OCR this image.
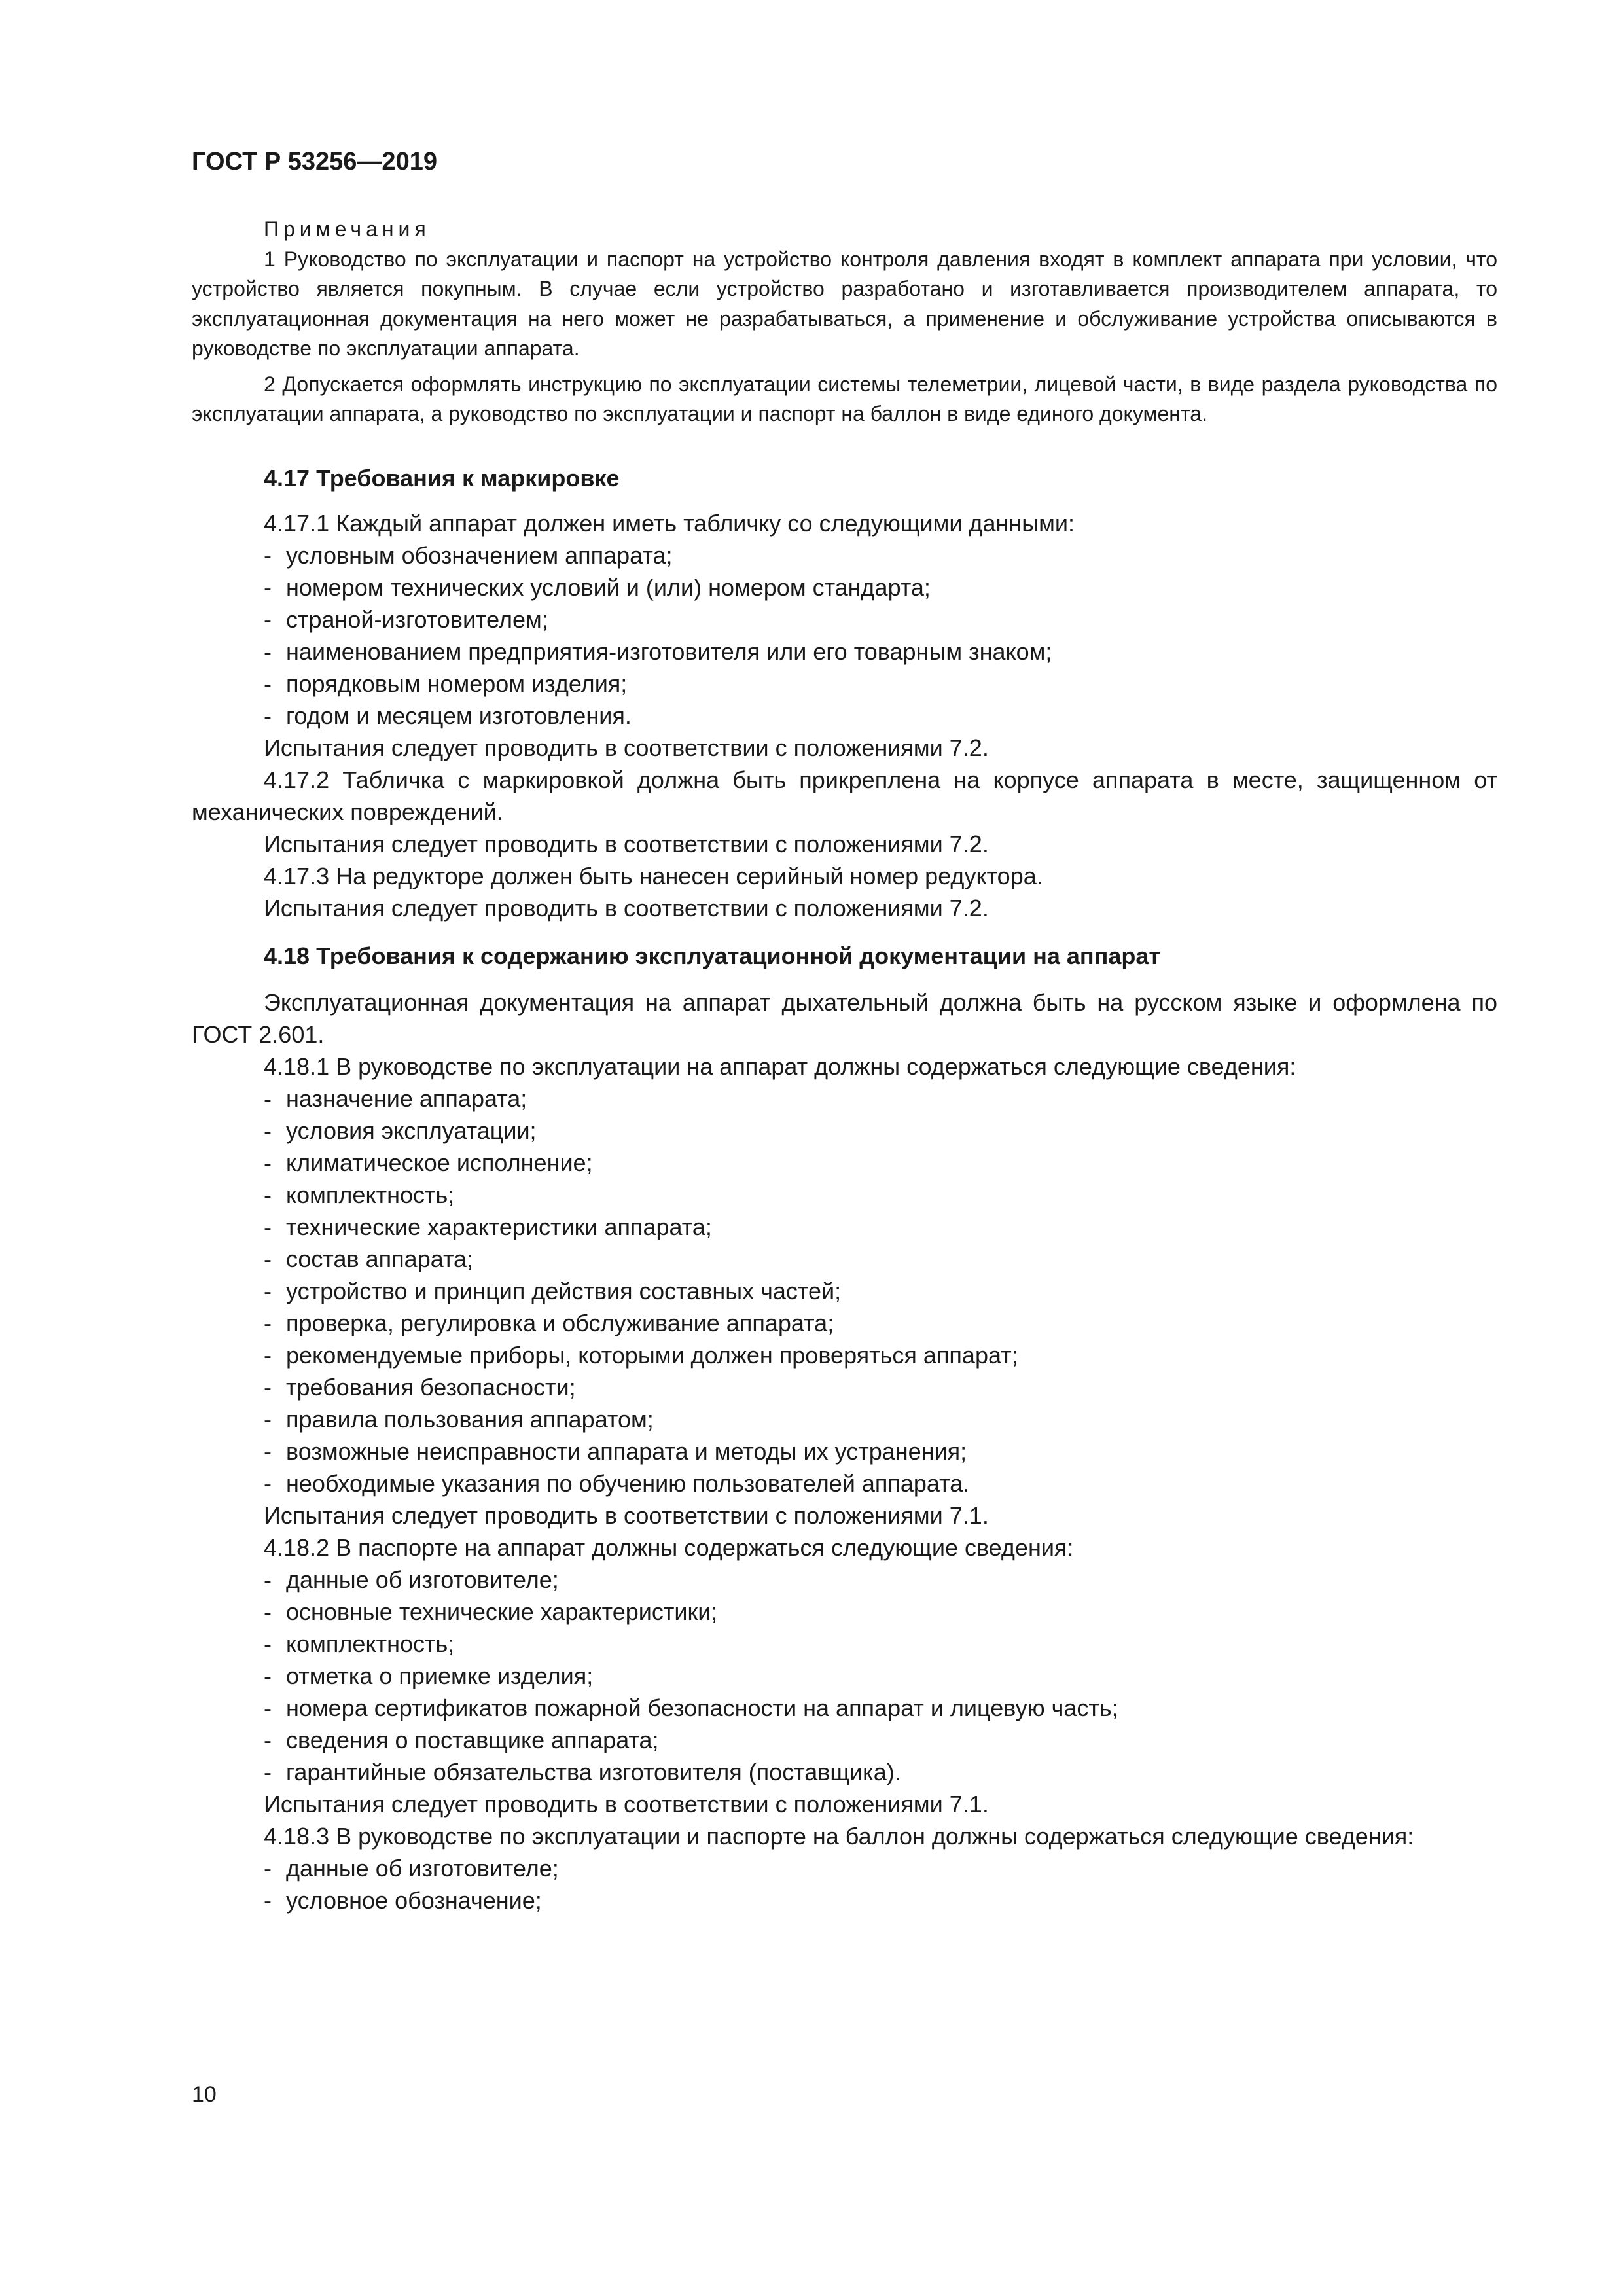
ГОСТ Р 53256—2019

Примечания

1 Руководство по эксплуатации и паспорт на устройство контроля давления входят в комплект аппарата при условии, что устройство является покупным. В случае если устройство разработано и изготавливается производителем аппарата, то эксплуатационная документация на него может не разрабатываться, а применение и обслуживание устройства описываются в руководстве по эксплуатации аппарата.

2 Допускается оформлять инструкцию по эксплуатации системы телеметрии, лицевой части, в виде раздела руководства по эксплуатации аппарата, а руководство по эксплуатации и паспорт на баллон в виде единого документа.

4.17 Требования к маркировке

4.17.1 Каждый аппарат должен иметь табличку со следующими данными:

- условным обозначением аппарата;
- номером технических условий и (или) номером стандарта;
- страной-изготовителем;
- наименованием предприятия-изготовителя или его товарным знаком;
- порядковым номером изделия;
- годом и месяцем изготовления.

Испытания следует проводить в соответствии с положениями 7.2.

4.17.2 Табличка с маркировкой должна быть прикреплена на корпусе аппарата в месте, защищенном от механических повреждений.

Испытания следует проводить в соответствии с положениями 7.2.

4.17.3 На редукторе должен быть нанесен серийный номер редуктора.

Испытания следует проводить в соответствии с положениями 7.2.

4.18 Требования к содержанию эксплуатационной документации на аппарат

Эксплуатационная документация на аппарат дыхательный должна быть на русском языке и оформлена по ГОСТ 2.601.

4.18.1 В руководстве по эксплуатации на аппарат должны содержаться следующие сведения:

- назначение аппарата;
- условия эксплуатации;
- климатическое исполнение;
- комплектность;
- технические характеристики аппарата;
- состав аппарата;
- устройство и принцип действия составных частей;
- проверка, регулировка и обслуживание аппарата;
- рекомендуемые приборы, которыми должен проверяться аппарат;
- требования безопасности;
- правила пользования аппаратом;
- возможные неисправности аппарата и методы их устранения;
- необходимые указания по обучению пользователей аппарата.

Испытания следует проводить в соответствии с положениями 7.1.

4.18.2 В паспорте на аппарат должны содержаться следующие сведения:

- данные об изготовителе;
- основные технические характеристики;
- комплектность;
- отметка о приемке изделия;
- номера сертификатов пожарной безопасности на аппарат и лицевую часть;
- сведения о поставщике аппарата;
- гарантийные обязательства изготовителя (поставщика).

Испытания следует проводить в соответствии с положениями 7.1.

4.18.3 В руководстве по эксплуатации и паспорте на баллон должны содержаться следующие сведения:

- данные об изготовителе;
- условное обозначение;
10
